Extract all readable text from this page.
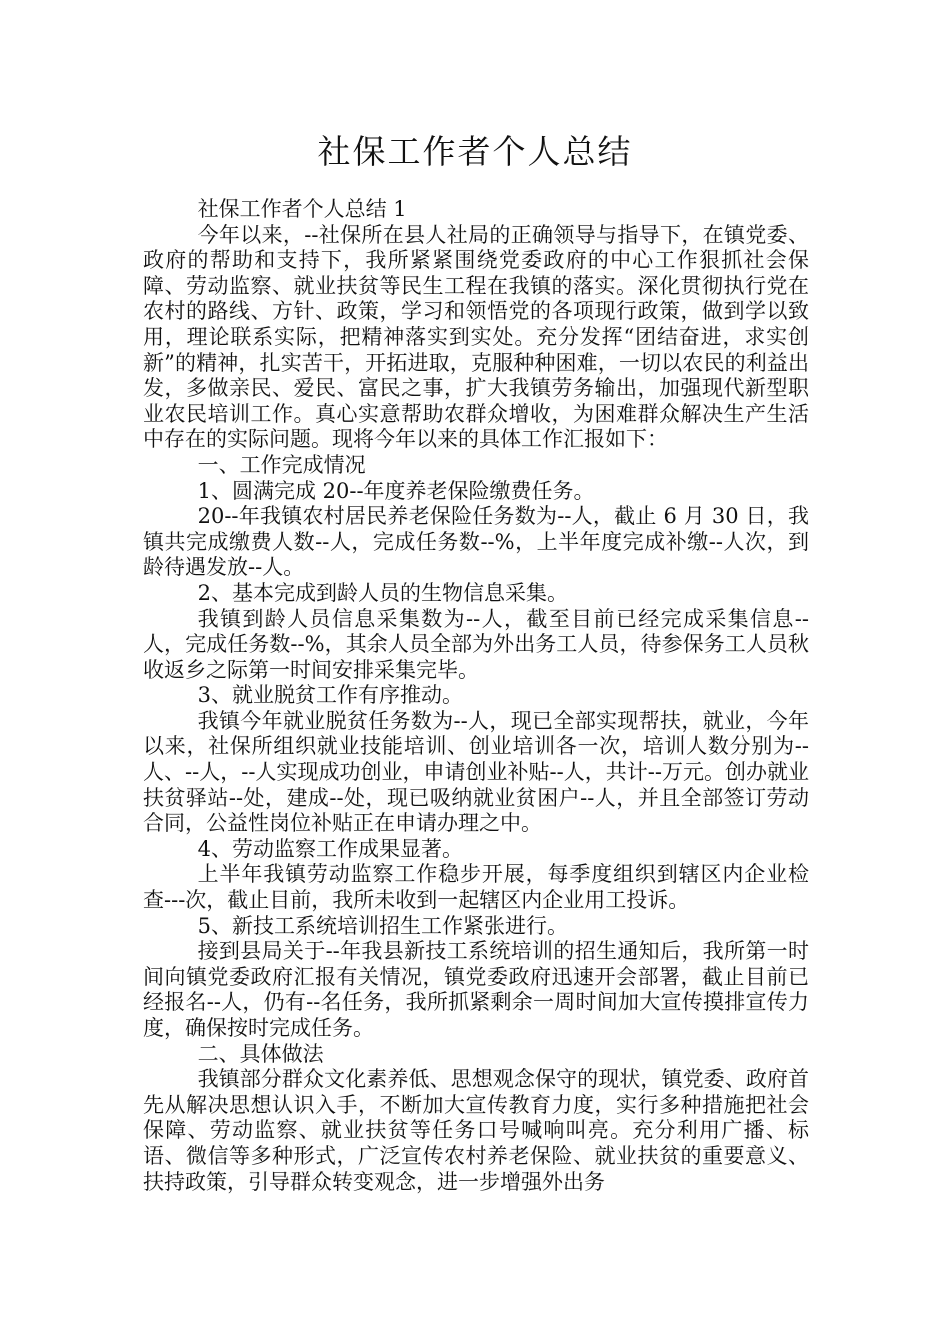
社保工作者个人总结

社保工作者个人总结 1

今年以来，--社保所在县人社局的正确领导与指导下，在镇党委、政府的帮助和支持下，我所紧紧围绕党委政府的中心工作狠抓社会保障、劳动监察、就业扶贫等民生工程在我镇的落实。深化贯彻执行党在农村的路线、方针、政策，学习和领悟党的各项现行政策，做到学以致用，理论联系实际，把精神落实到实处。充分发挥“团结奋进，求实创新”的精神，扎实苦干，开拓进取，克服种种困难，一切以农民的利益出发，多做亲民、爱民、富民之事，扩大我镇劳务输出，加强现代新型职业农民培训工作。真心实意帮助农群众增收，为困难群众解决生产生活中存在的实际问题。现将今年以来的具体工作汇报如下：

一、工作完成情况

1、圆满完成 20--年度养老保险缴费任务。

20--年我镇农村居民养老保险任务数为--人，截止 6 月 30 日，我镇共完成缴费人数--人，完成任务数--%，上半年度完成补缴--人次，到龄待遇发放--人。

2、基本完成到龄人员的生物信息采集。

我镇到龄人员信息采集数为--人，截至目前已经完成采集信息--人，完成任务数--%，其余人员全部为外出务工人员，待参保务工人员秋收返乡之际第一时间安排采集完毕。

3、就业脱贫工作有序推动。

我镇今年就业脱贫任务数为--人，现已全部实现帮扶，就业，今年以来，社保所组织就业技能培训、创业培训各一次，培训人数分别为--人、--人，--人实现成功创业，申请创业补贴--人，共计--万元。创办就业扶贫驿站--处，建成--处，现已吸纳就业贫困户--人，并且全部签订劳动合同，公益性岗位补贴正在申请办理之中。

4、劳动监察工作成果显著。

上半年我镇劳动监察工作稳步开展，每季度组织到辖区内企业检查---次，截止目前，我所未收到一起辖区内企业用工投诉。

5、新技工系统培训招生工作紧张进行。

接到县局关于--年我县新技工系统培训的招生通知后，我所第一时间向镇党委政府汇报有关情况，镇党委政府迅速开会部署，截止目前已经报名--人，仍有--名任务，我所抓紧剩余一周时间加大宣传摸排宣传力度，确保按时完成任务。

二、具体做法

我镇部分群众文化素养低、思想观念保守的现状，镇党委、政府首先从解决思想认识入手，不断加大宣传教育力度，实行多种措施把社会保障、劳动监察、就业扶贫等任务口号喊响叫亮。充分利用广播、标语、微信等多种形式，广泛宣传农村养老保险、就业扶贫的重要意义、扶持政策，引导群众转变观念，进一步增强外出务
